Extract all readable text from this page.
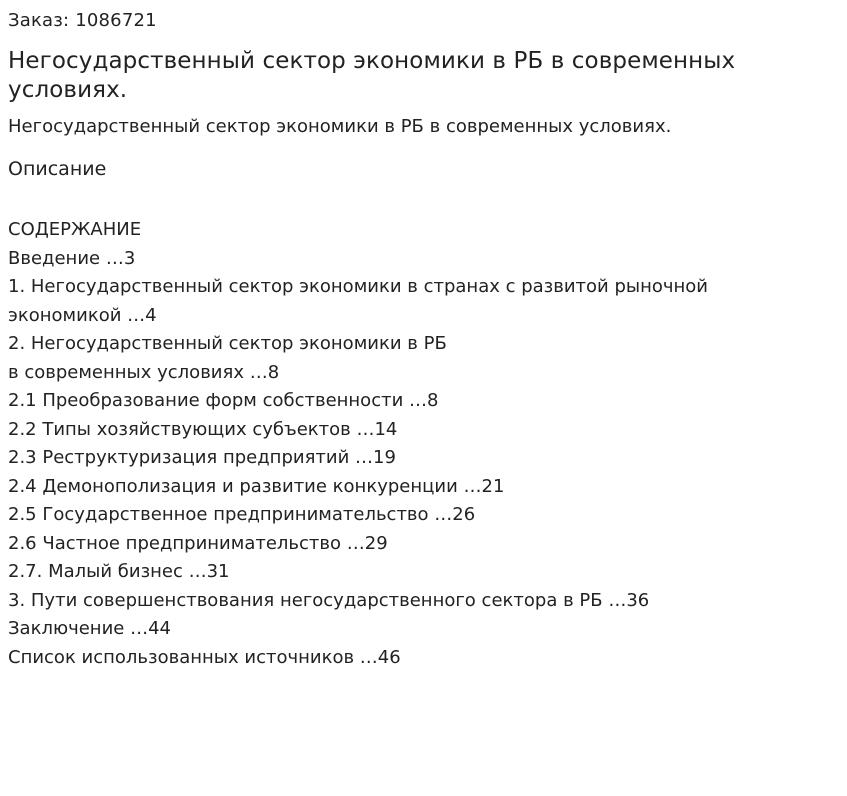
Заказ: 1086721

Негосударственный сектор экономики в РБ в современных условиях.

Негосударственный сектор экономики в РБ в современных условиях.

Описание
СОДЕРЖАНИЕ
Введение …3
1. Негосударственный сектор экономики в странах с развитой рыночной
экономикой …4
2. Негосударственный сектор экономики в РБ
в современных условиях …8
2.1 Преобразование форм собственности …8
2.2 Типы хозяйствующих субъектов …14
2.3 Реструктуризация предприятий …19
2.4 Демонополизация и развитие конкуренции …21
2.5 Государственное предпринимательство …26
2.6 Частное предпринимательство …29
2.7. Малый бизнес …31
3. Пути совершенствования негосударственного сектора в РБ …36
Заключение …44
Список использованных источников …46
